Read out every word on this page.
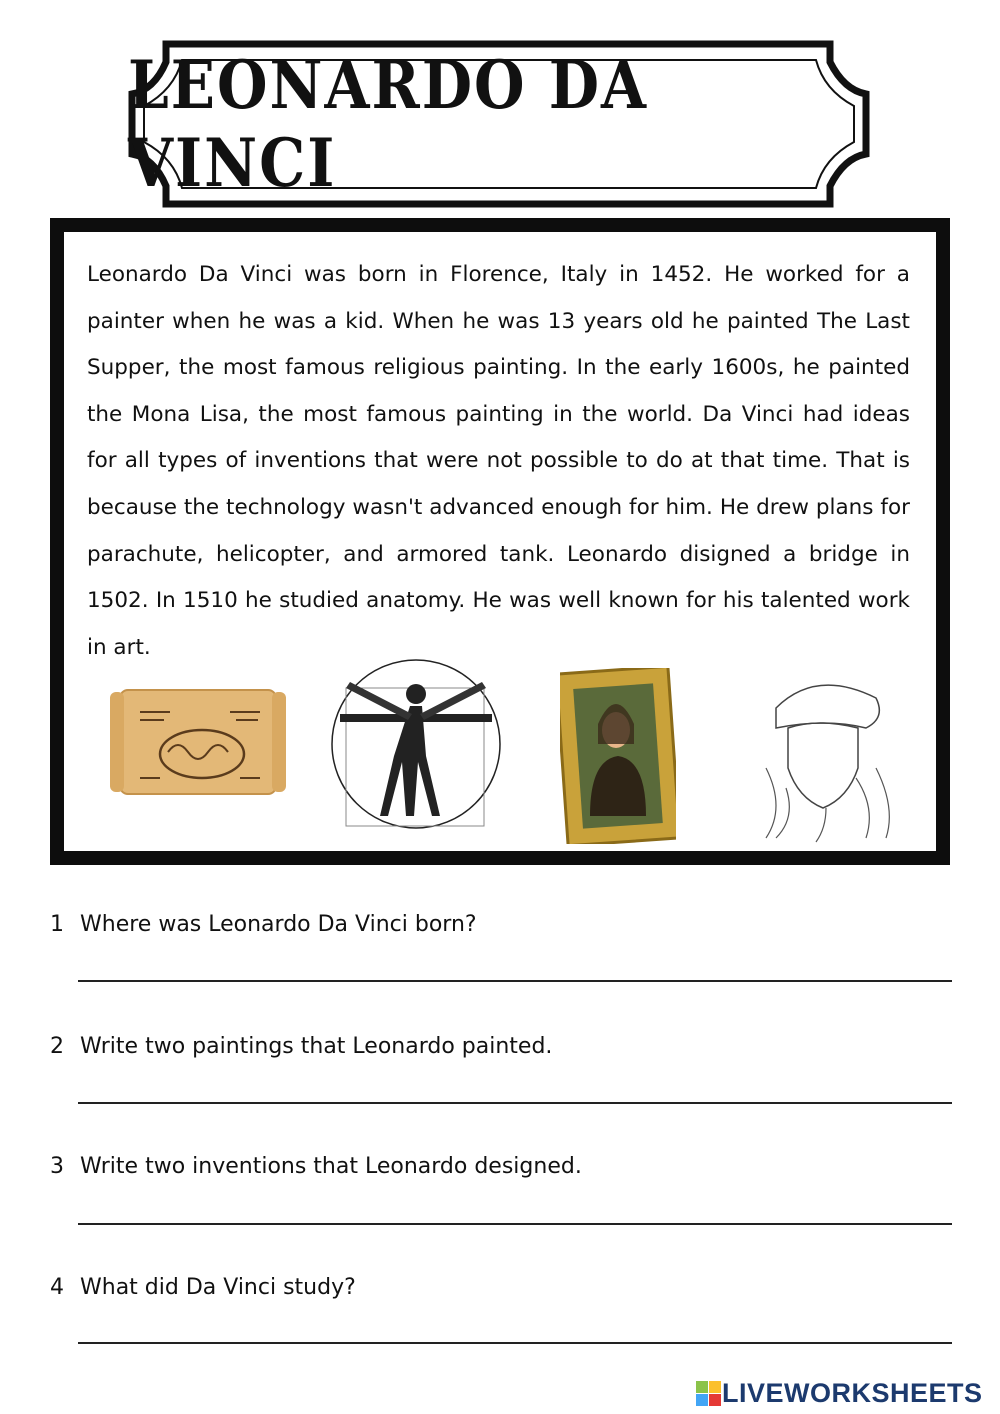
LEONARDO DA VINCI

Leonardo Da Vinci was born in Florence, Italy in 1452. He worked for a painter when he was a kid. When he was 13 years old he painted The Last Supper, the most famous religious painting. In the early 1600s, he painted the Mona Lisa, the most famous painting in the world. Da Vinci had ideas for all types of inventions that were not possible to do at that time. That is because the technology wasn't advanced enough for him. He drew plans for parachute, helicopter, and armored tank. Leonardo disigned a bridge in 1502. In 1510 he studied anatomy. He was well known for his talented work in art.

1 Where was Leonardo Da Vinci born?
2 Write two paintings that Leonardo painted.
3 Write two inventions that Leonardo designed.
4 What did Da Vinci study?
LIVEWORKSHEETS
